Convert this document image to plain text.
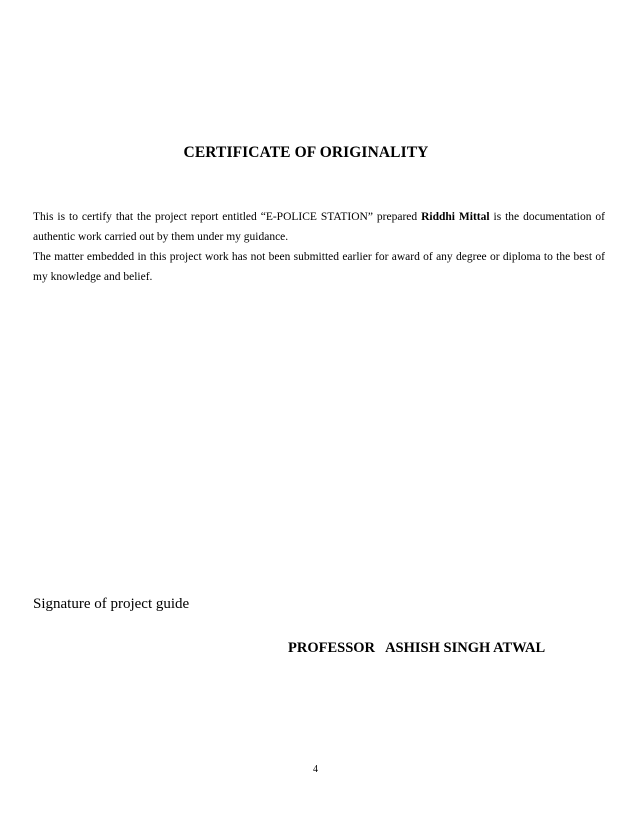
CERTIFICATE OF ORIGINALITY

This is to certify that the project report entitled “E-POLICE STATION” prepared Riddhi Mittal is the documentation of authentic work carried out by them under my guidance.

The matter embedded in this project work has not been submitted earlier for award of any degree or diploma to the best of my knowledge and belief.

Signature of project guide
PROFESSOR   ASHISH SINGH ATWAL
4
